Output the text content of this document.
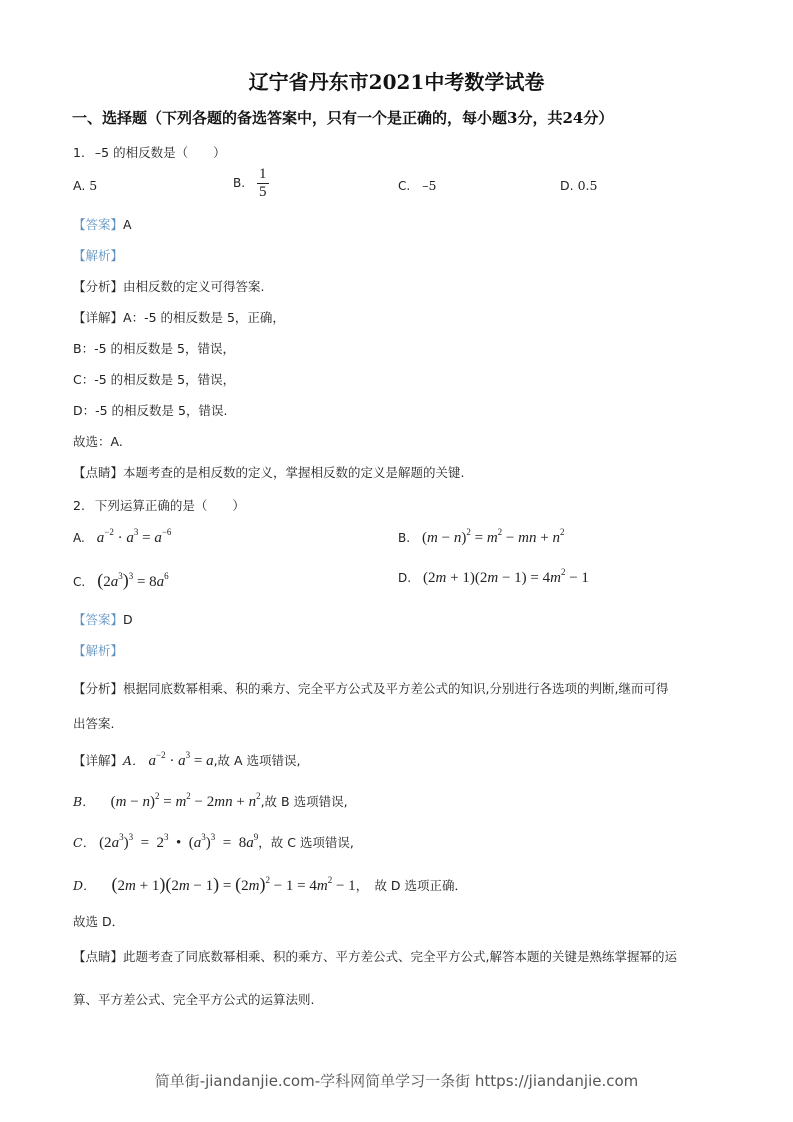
辽宁省丹东市2021中考数学试卷
一、选择题（下列各题的备选答案中，只有一个是正确的，每小题3分，共24分）
1. –5 的相反数是（　　）
A. 5	B. $\frac{1}{5}$	C. –5	D. 0.5
【答案】A
【解析】
【分析】由相反数的定义可得答案.
【详解】A：-5 的相反数是 5，正确，
B：-5 的相反数是 5，错误，
C：-5 的相反数是 5，错误，
D：-5 的相反数是 5，错误.
故选：A.
【点睛】本题考查的是相反数的定义，掌握相反数的定义是解题的关键.
2. 下列运算正确的是（　　）
A. $a^{-2} \cdot a^3 = a^{-6}$	B. $(m - n)^2 = m^2$ − mn + $n^2$
C. $(2a^3)^3 = 8a^6$	D. $(2m + 1)(2m - 1) = 4m^2 - 1$
【答案】D
【解析】
【分析】根据同底数幂相乘、积的乘方、完全平方公式及平方差公式的知识,分别进行各选项的判断,继而可得
出答案.
【详解】A． $a^{-2} \cdot a^3 = a$,故 A 选项错误,
B． $(m - n)^2 = m^2 - 2mn + n^2$,故 B 选项错误,
C． $(2a^3)^3 = 2^3$  •  $(a^3)^3 = 8a^9$，故 C 选项错误,
D． $(2m + 1)(2m - 1) = (2m)^2 - 1 = 4m^2 - 1$，　故 D 选项正确．
故选 D．
【点睛】此题考查了同底数幂相乘、积的乘方、平方差公式、完全平方公式,解答本题的关键是熟练掌握幂的运
算、平方差公式、完全平方公式的运算法则.
简单街-jiandanjie.com-学科网简单学习一条街 https://jiandanjie.com
